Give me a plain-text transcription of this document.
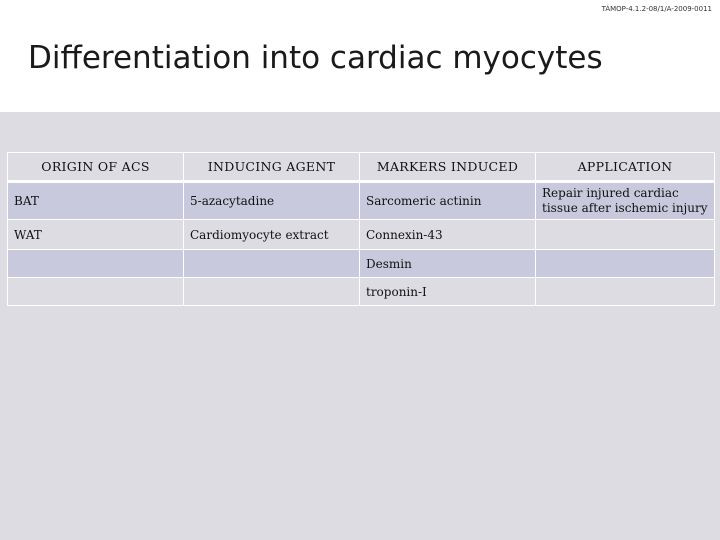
TÁMOP-4.1.2-08/1/A-2009-0011
Differentiation into cardiac myocytes
ORIGIN OF ACS	INDUCING AGENT	MARKERS INDUCED	APPLICATION
BAT	5-azacytadine	Sarcomeric actinin	Repair injured cardiac tissue after ischemic injury
WAT	Cardiomyocyte extract	Connexin-43	
		Desmin	
		troponin-I	
